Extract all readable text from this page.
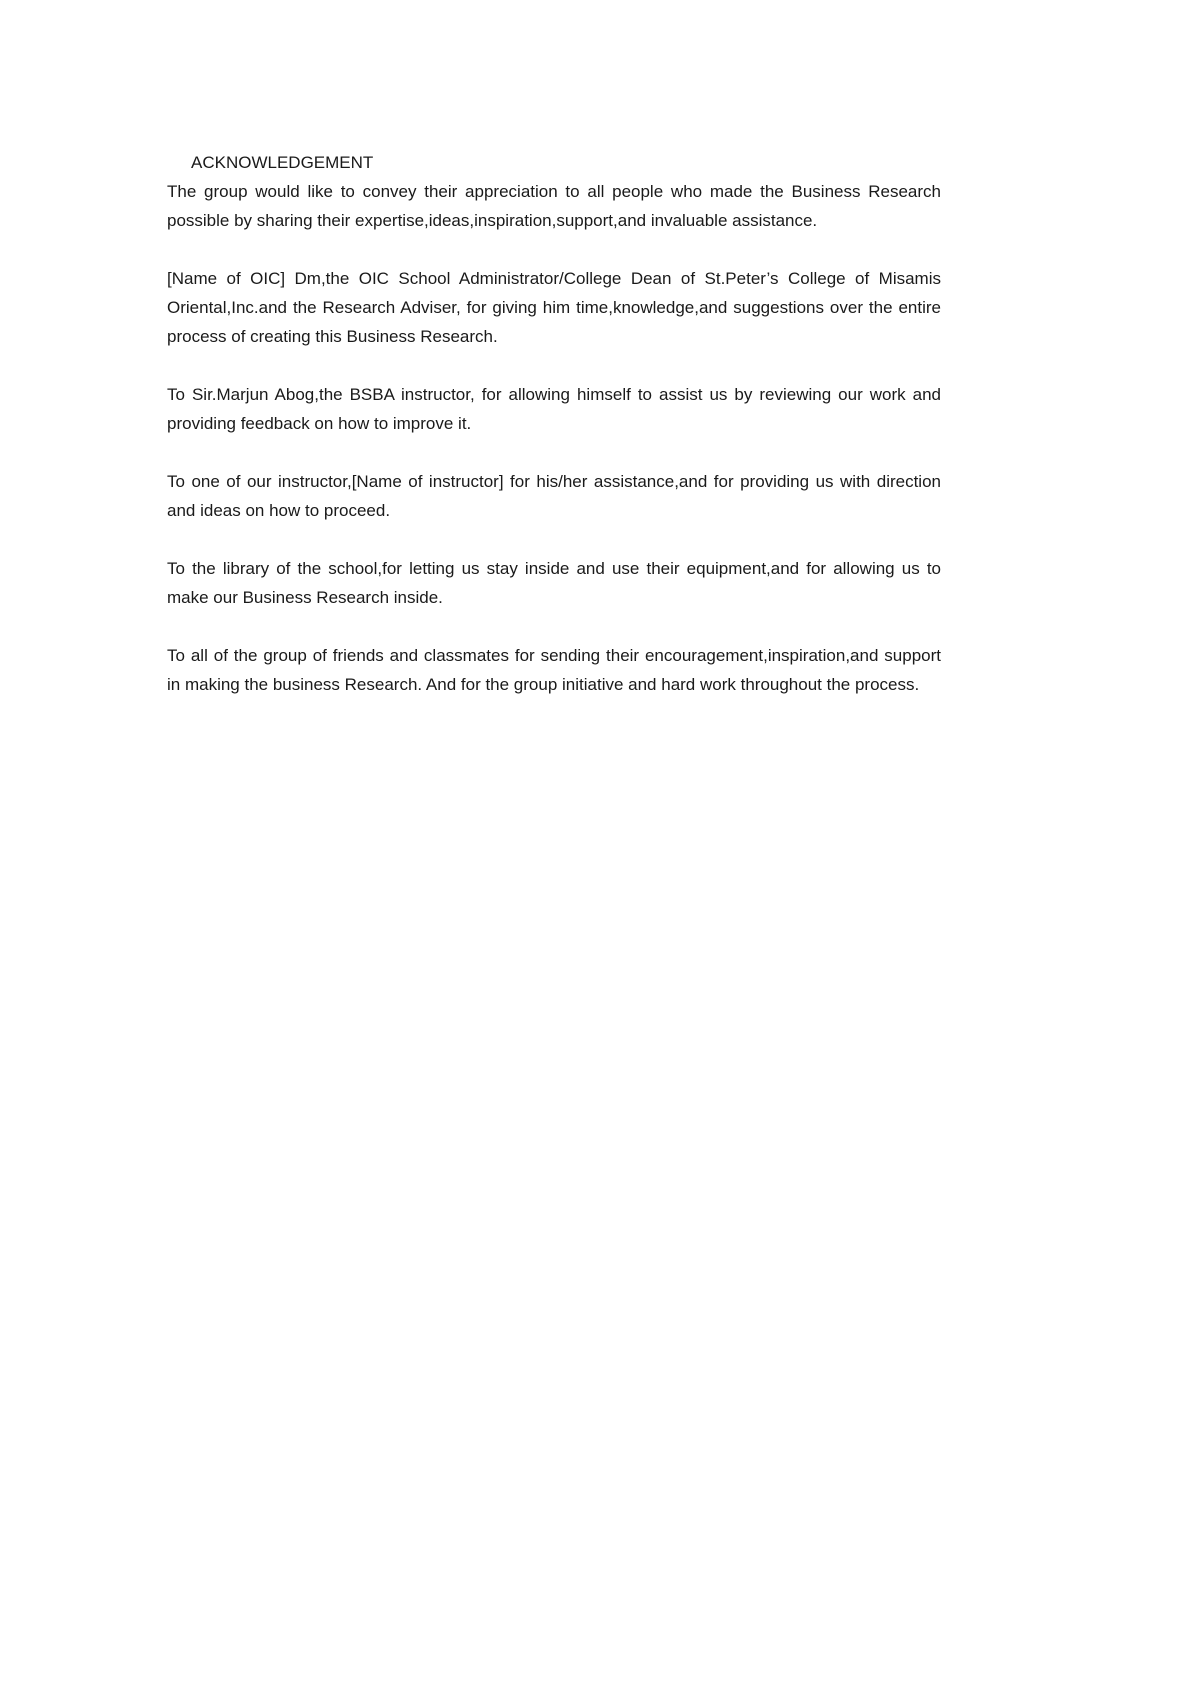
ACKNOWLEDGEMENT

The group would like to convey their appreciation to all people who made the Business Research possible by sharing their expertise,ideas,inspiration,support,and invaluable assistance.

[Name of OIC] Dm,the OIC School Administrator/College Dean of St.Peter’s College of Misamis Oriental,Inc.and the Research Adviser, for giving him time,knowledge,and suggestions over the entire process of creating this Business Research.

To Sir.Marjun Abog,the BSBA instructor, for allowing himself to assist us by reviewing our work and providing feedback on how to improve it.

To one of our instructor,[Name of instructor] for his/her assistance,and for providing us with direction and ideas on how to proceed.

To the library of the school,for letting us stay inside and use their equipment,and for allowing us to make our Business Research inside.

To all of the group of friends and classmates for sending their encouragement,inspiration,and support in making the business Research. And for the group initiative and hard work throughout the process.
